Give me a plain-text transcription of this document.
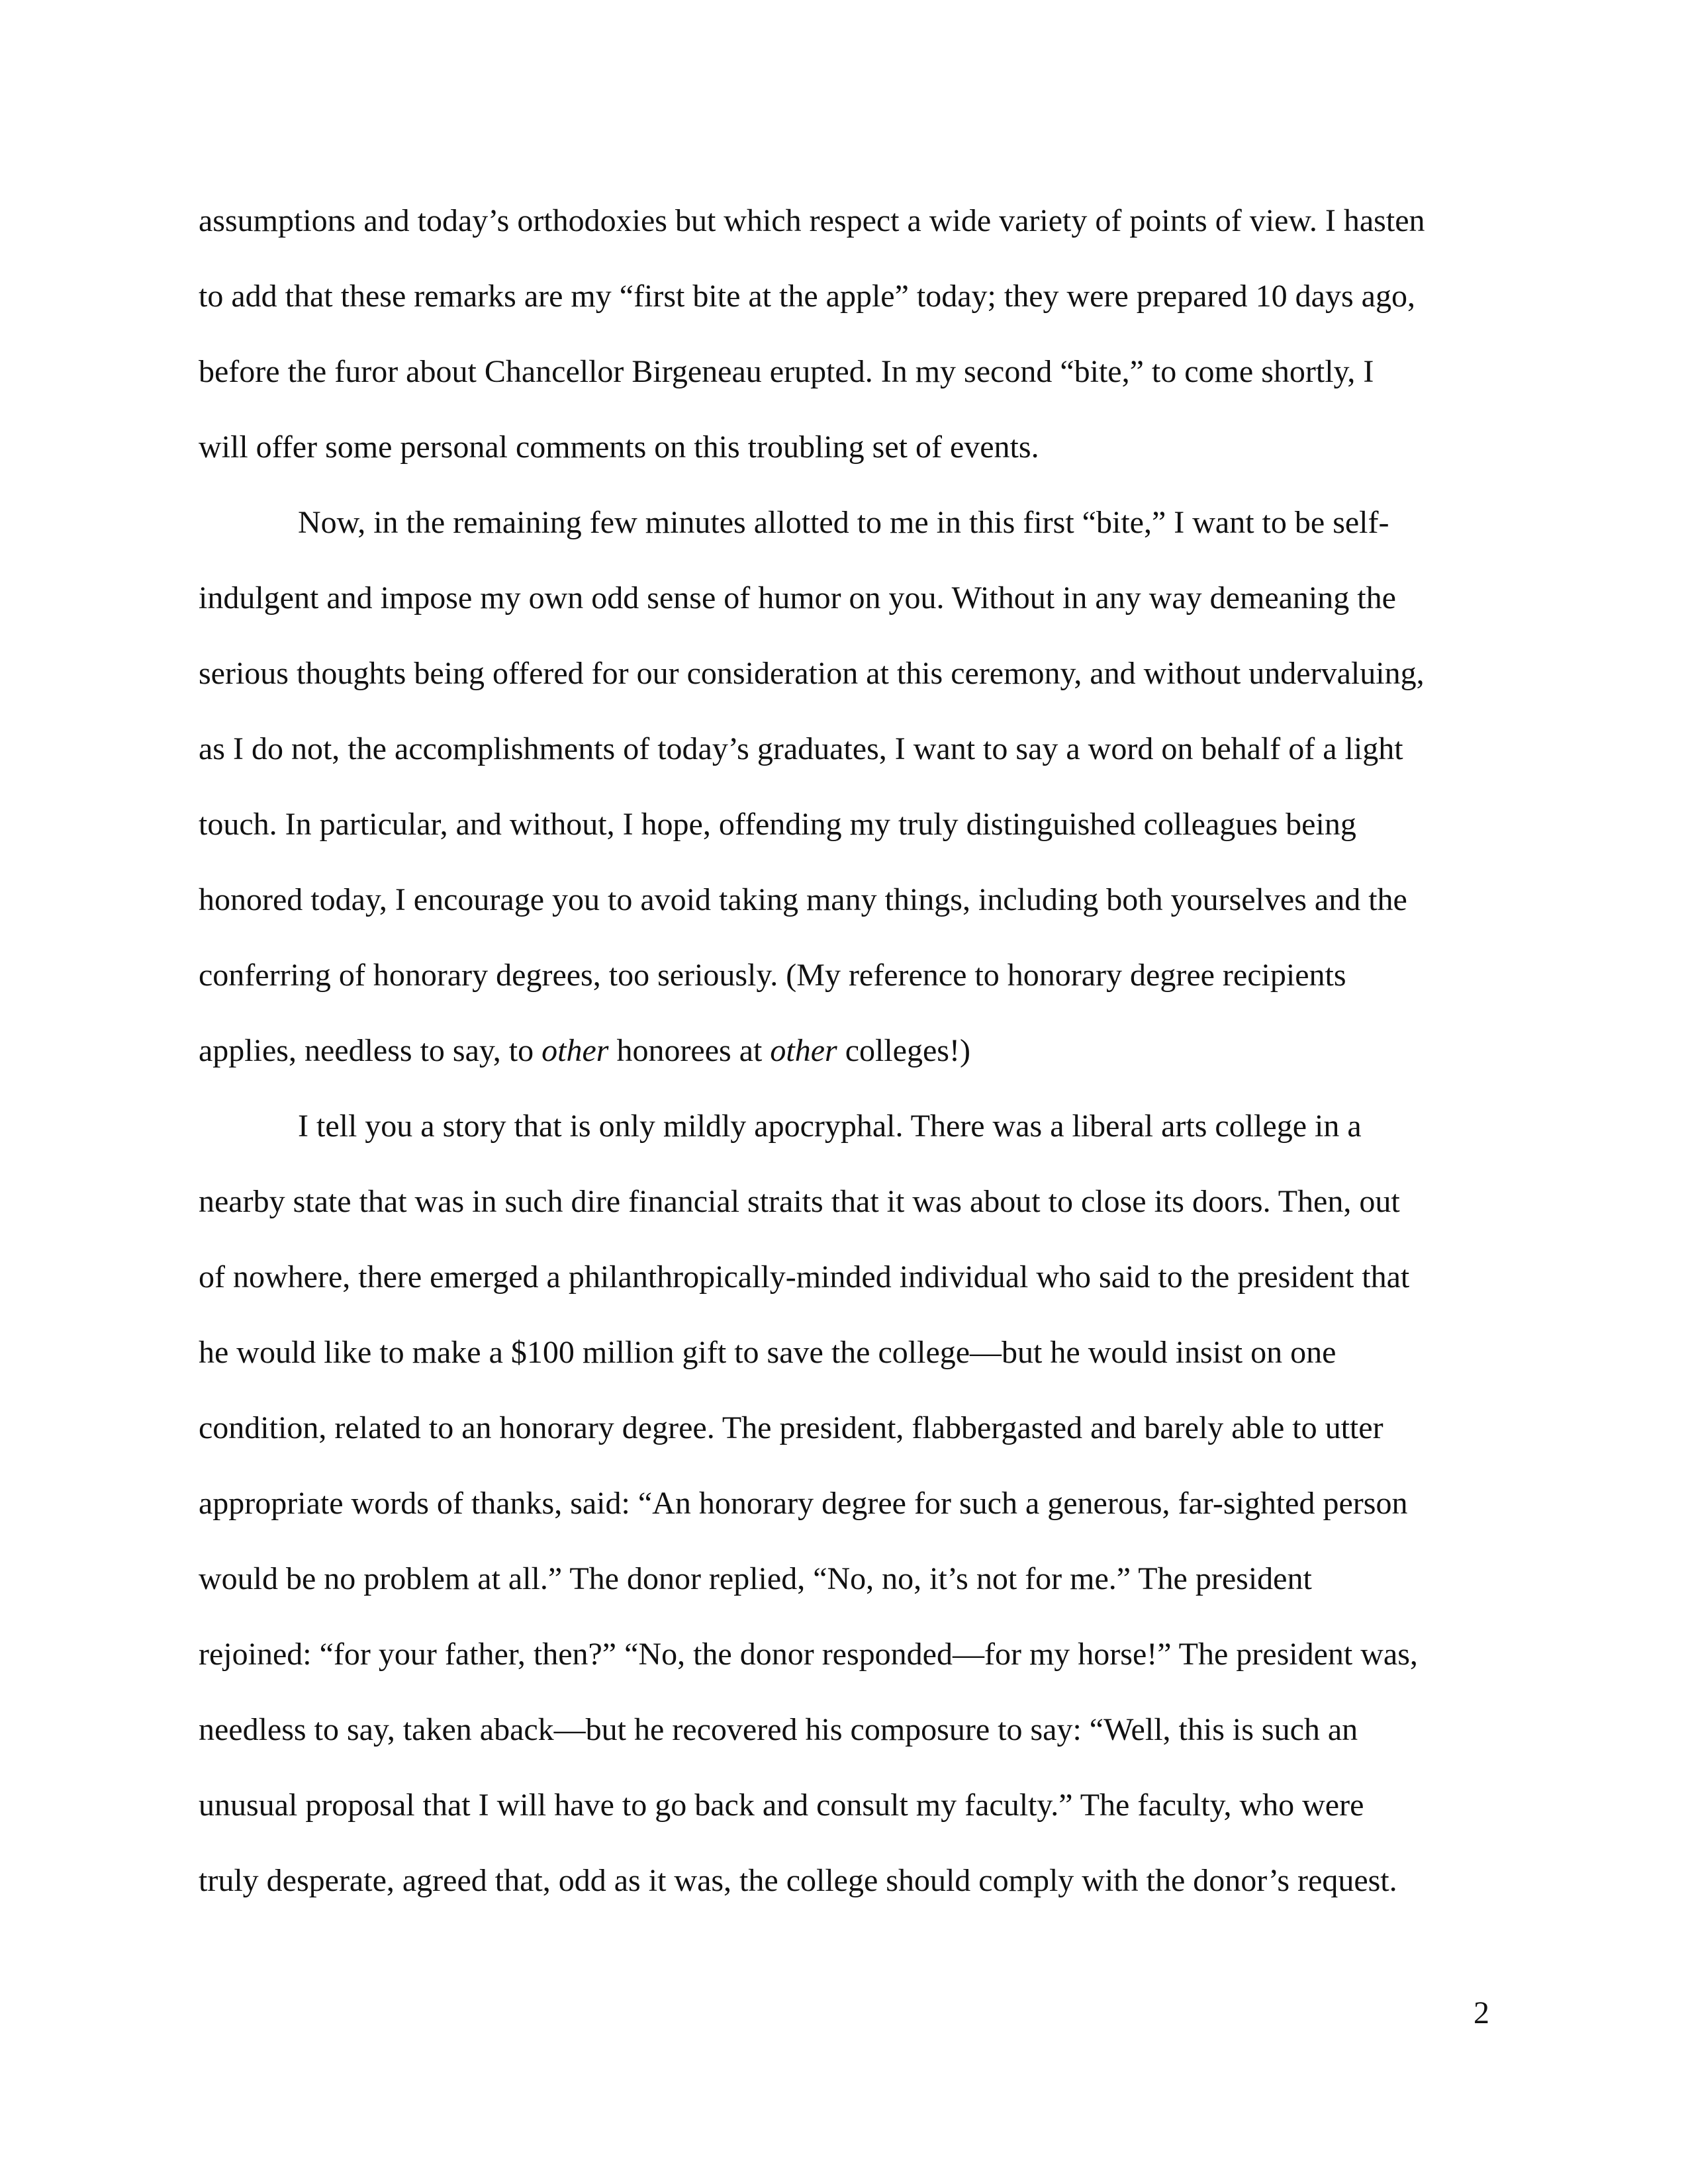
assumptions and today’s orthodoxies but which respect a wide variety of points of view. I hasten

to add that these remarks are my “first bite at the apple” today; they were prepared 10 days ago,

before the furor about Chancellor Birgeneau erupted. In my second “bite,” to come shortly, I

will offer some personal comments on this troubling set of events.

Now, in the remaining few minutes allotted to me in this first “bite,” I want to be self-

indulgent and impose my own odd sense of humor on you. Without in any way demeaning the

serious thoughts being offered for our consideration at this ceremony, and without undervaluing,

as I do not, the accomplishments of today’s graduates, I want to say a word on behalf of a light

touch. In particular, and without, I hope, offending my truly distinguished colleagues being

honored today, I encourage you to avoid taking many things, including both yourselves and the

conferring of honorary degrees, too seriously. (My reference to honorary degree recipients

applies, needless to say, to other honorees at other colleges!)

I tell you a story that is only mildly apocryphal. There was a liberal arts college in a

nearby state that was in such dire financial straits that it was about to close its doors. Then, out

of nowhere, there emerged a philanthropically-minded individual who said to the president that

he would like to make a $100 million gift to save the college—but he would insist on one

condition, related to an honorary degree. The president, flabbergasted and barely able to utter

appropriate words of thanks, said: “An honorary degree for such a generous, far-sighted person

would be no problem at all.” The donor replied, “No, no, it’s not for me.” The president

rejoined: “for your father, then?” “No, the donor responded—for my horse!” The president was,

needless to say, taken aback—but he recovered his composure to say: “Well, this is such an

unusual proposal that I will have to go back and consult my faculty.” The faculty, who were

truly desperate, agreed that, odd as it was, the college should comply with the donor’s request.

2
